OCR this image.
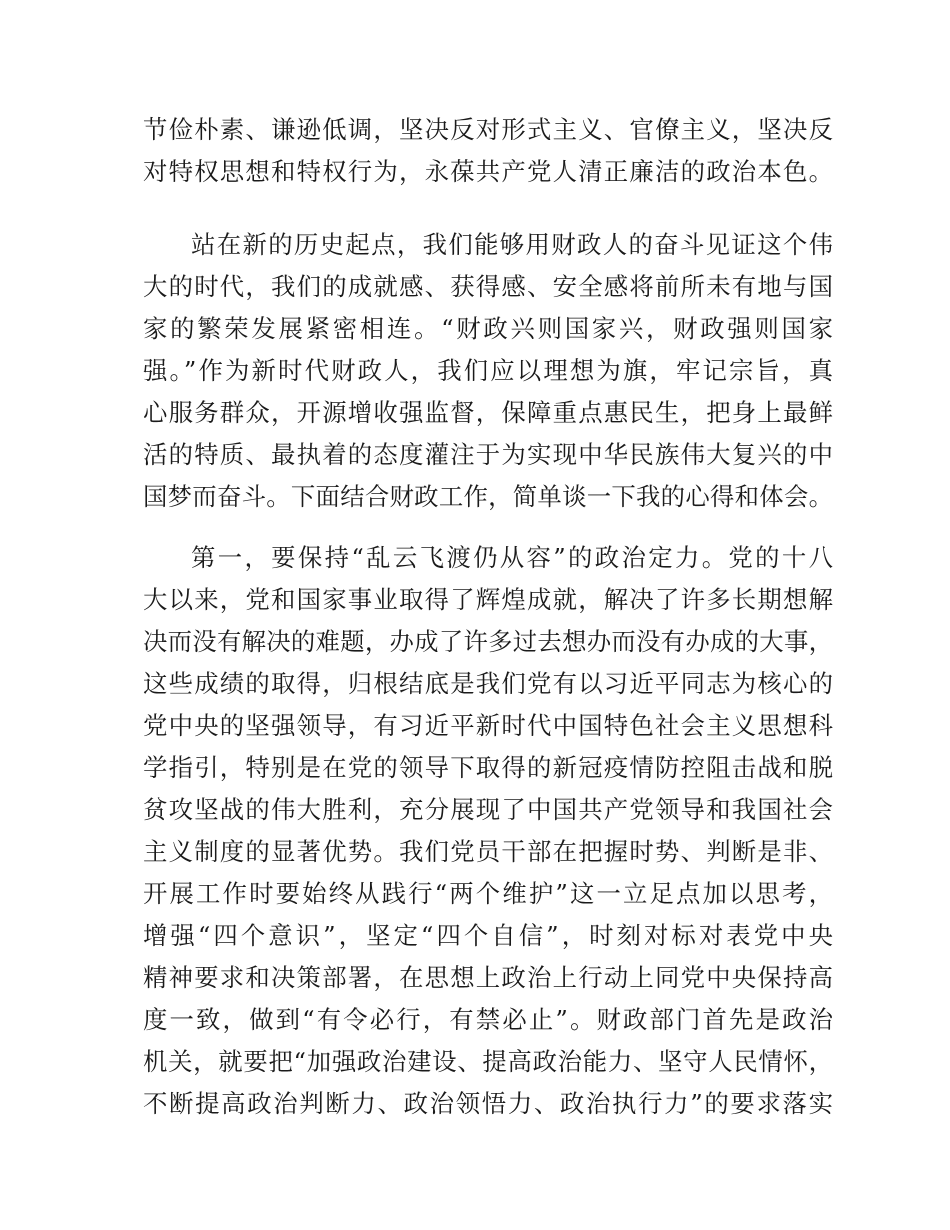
节俭朴素、谦逊低调，坚决反对形式主义、官僚主义，坚决反
对特权思想和特权行为，永葆共产党人清正廉洁的政治本色。
站在新的历史起点，我们能够用财政人的奋斗见证这个伟
大的时代，我们的成就感、获得感、安全感将前所未有地与国
家的繁荣发展紧密相连。“财政兴则国家兴，财政强则国家
强。”作为新时代财政人，我们应以理想为旗，牢记宗旨，真
心服务群众，开源增收强监督，保障重点惠民生，把身上最鲜
活的特质、最执着的态度灌注于为实现中华民族伟大复兴的中
国梦而奋斗。下面结合财政工作，简单谈一下我的心得和体会。
第一，要保持“乱云飞渡仍从容”的政治定力。党的十八
大以来，党和国家事业取得了辉煌成就，解决了许多长期想解
决而没有解决的难题，办成了许多过去想办而没有办成的大事，
这些成绩的取得，归根结底是我们党有以习近平同志为核心的
党中央的坚强领导，有习近平新时代中国特色社会主义思想科
学指引，特别是在党的领导下取得的新冠疫情防控阻击战和脱
贫攻坚战的伟大胜利，充分展现了中国共产党领导和我国社会
主义制度的显著优势。我们党员干部在把握时势、判断是非、
开展工作时要始终从践行“两个维护”这一立足点加以思考，
增强“四个意识”，坚定“四个自信”，时刻对标对表党中央
精神要求和决策部署，在思想上政治上行动上同党中央保持高
度一致，做到“有令必行，有禁必止”。财政部门首先是政治
机关，就要把“加强政治建设、提高政治能力、坚守人民情怀，
不断提高政治判断力、政治领悟力、政治执行力”的要求落实
